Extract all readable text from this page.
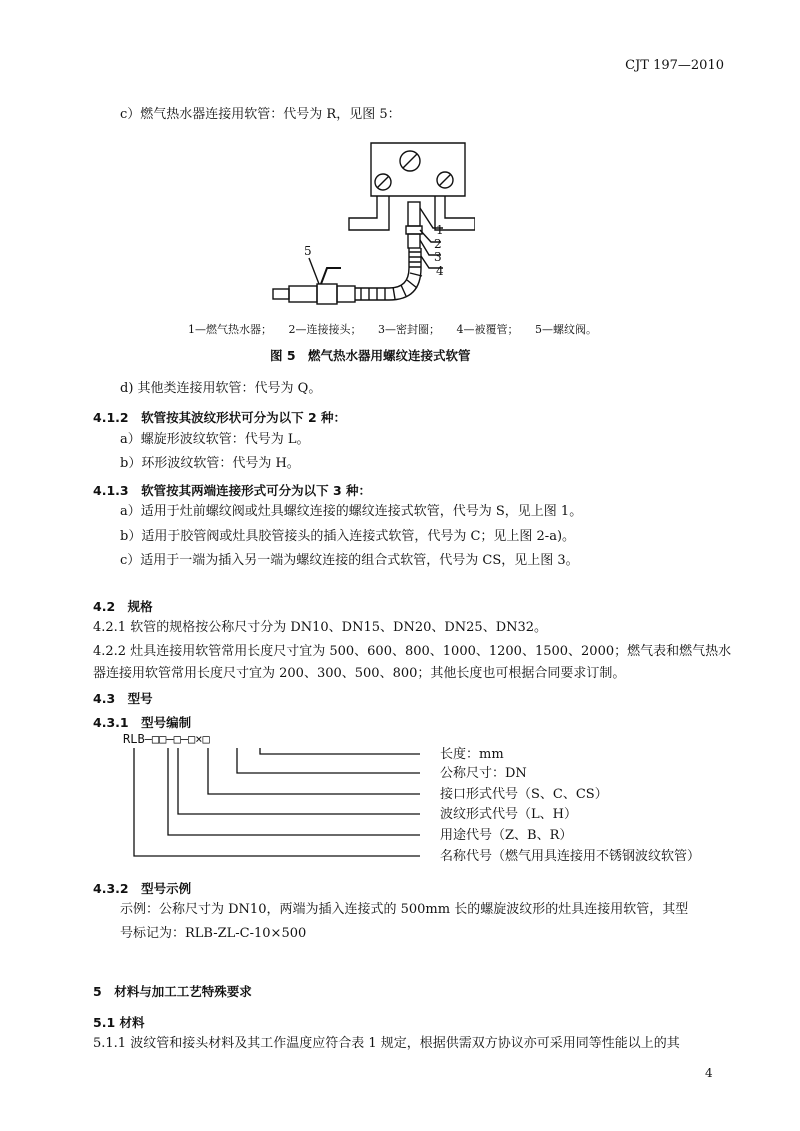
CJT 197—2010
c）燃气热水器连接用软管：代号为 R，见图 5：
1
2
3
4
5
1—燃气热水器；　　2—连接接头；　　3—密封圈；　　4—被覆管；　　5—螺纹阀。
图 5　燃气热水器用螺纹连接式软管
d) 其他类连接用软管：代号为 Q。
4.1.2　软管按其波纹形状可分为以下 2 种：
a）螺旋形波纹软管：代号为 L。
b）环形波纹软管：代号为 H。
4.1.3　软管按其两端连接形式可分为以下 3 种：
a）适用于灶前螺纹阀或灶具螺纹连接的螺纹连接式软管，代号为 S，见上图 1。
b）适用于胶管阀或灶具胶管接头的插入连接式软管，代号为 C；见上图 2-a)。
c）适用于一端为插入另一端为螺纹连接的组合式软管，代号为 CS，见上图 3。
4.2　规格
4.2.1 软管的规格按公称尺寸分为 DN10、DN15、DN20、DN25、DN32。
4.2.2 灶具连接用软管常用长度尺寸宜为 500、600、800、1000、1200、1500、2000；燃气表和燃气热水
器连接用软管常用长度尺寸宜为 200、300、500、800；其他长度也可根据合同要求订制。
4.3　型号
4.3.1　型号编制
RLB—□□—□—□×□
长度：mm
公称尺寸：DN
接口形式代号（S、C、CS）
波纹形式代号（L、H）
用途代号（Z、B、R）
名称代号（燃气用具连接用不锈钢波纹软管）
4.3.2　型号示例
示例：公称尺寸为 DN10，两端为插入连接式的 500mm 长的螺旋波纹形的灶具连接用软管，其型
号标记为：RLB-ZL-C-10×500
5　材料与加工工艺特殊要求
5.1 材料
5.1.1 波纹管和接头材料及其工作温度应符合表 1 规定，根据供需双方协议亦可采用同等性能以上的其
4
